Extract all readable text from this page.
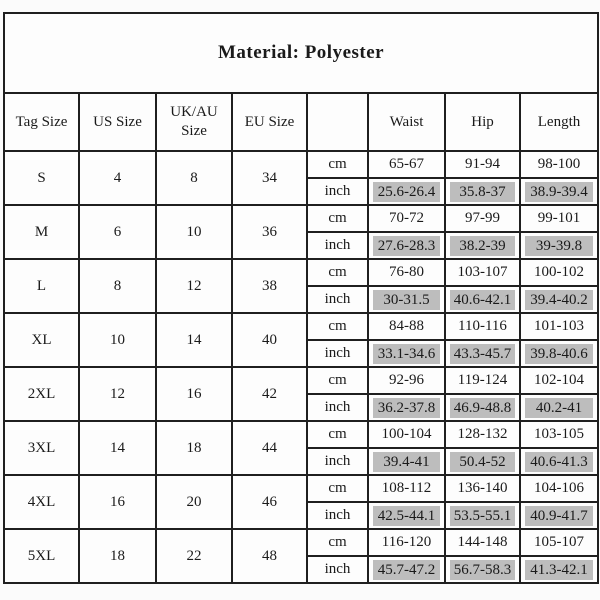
Material: Polyester							
Tag Size	US Size	UK/AU Size	EU Size		Waist	Hip	Length
S	4	8	34	cm	65-67	91-94	98-100
				inch	25.6-26.4	35.8-37	38.9-39.4

M	6	10	36	cm	70-72	97-99	99-101
				inch	27.6-28.3	38.2-39	39-39.8

L	8	12	38	cm	76-80	103-107	100-102
				inch	30-31.5	40.6-42.1	39.4-40.2

XL	10	14	40	cm	84-88	110-116	101-103
				inch	33.1-34.6	43.3-45.7	39.8-40.6

2XL	12	16	42	cm	92-96	119-124	102-104
				inch	36.2-37.8	46.9-48.8	40.2-41

3XL	14	18	44	cm	100-104	128-132	103-105
				inch	39.4-41	50.4-52	40.6-41.3

4XL	16	20	46	cm	108-112	136-140	104-106
				inch	42.5-44.1	53.5-55.1	40.9-41.7

5XL	18	22	48	cm	116-120	144-148	105-107
				inch	45.7-47.2	56.7-58.3	41.3-42.1
